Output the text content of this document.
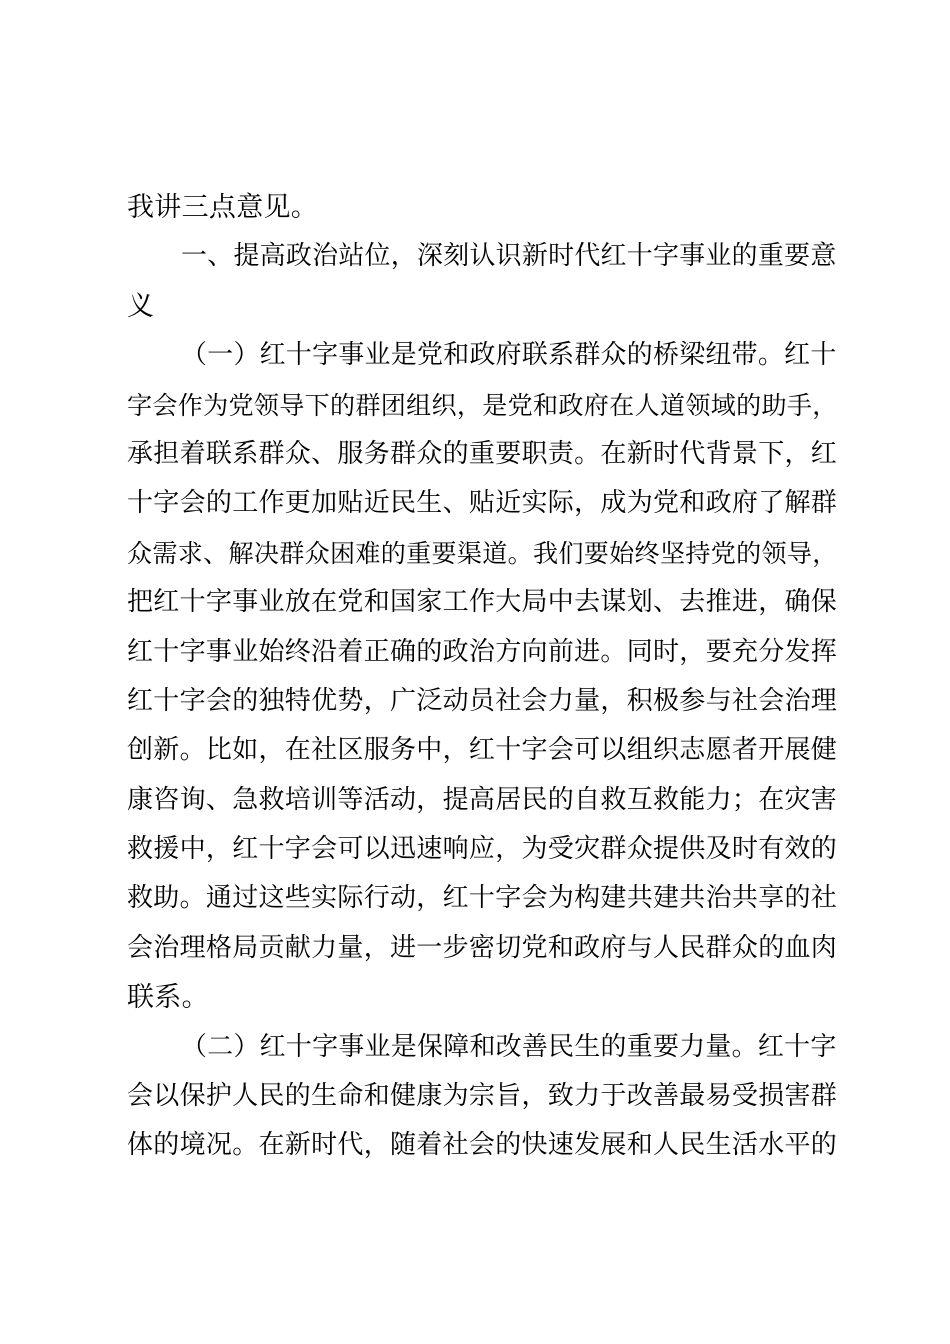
我讲三点意见。
一、提高政治站位，深刻认识新时代红十字事业的重要意
义
（一）红十字事业是党和政府联系群众的桥梁纽带。红十
字会作为党领导下的群团组织，是党和政府在人道领域的助手，
承担着联系群众、服务群众的重要职责。在新时代背景下，红
十字会的工作更加贴近民生、贴近实际，成为党和政府了解群
众需求、解决群众困难的重要渠道。我们要始终坚持党的领导，
把红十字事业放在党和国家工作大局中去谋划、去推进，确保
红十字事业始终沿着正确的政治方向前进。同时，要充分发挥
红十字会的独特优势，广泛动员社会力量，积极参与社会治理
创新。比如，在社区服务中，红十字会可以组织志愿者开展健
康咨询、急救培训等活动，提高居民的自救互救能力；在灾害
救援中，红十字会可以迅速响应，为受灾群众提供及时有效的
救助。通过这些实际行动，红十字会为构建共建共治共享的社
会治理格局贡献力量，进一步密切党和政府与人民群众的血肉
联系。
（二）红十字事业是保障和改善民生的重要力量。红十字
会以保护人民的生命和健康为宗旨，致力于改善最易受损害群
体的境况。在新时代，随着社会的快速发展和人民生活水平的
